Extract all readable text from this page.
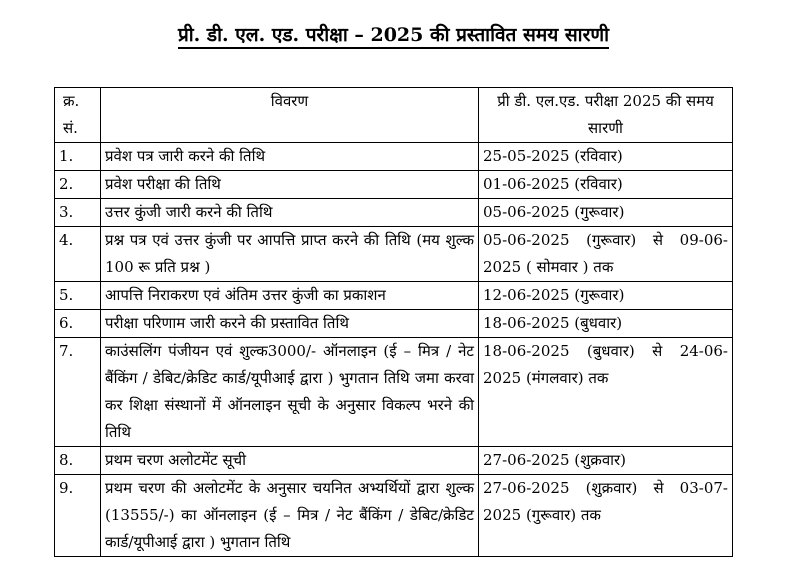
प्री. डी. एल. एड. परीक्षा – 2025 की प्रस्तावित समय सारणी
क्र. सं.	विवरण	प्री डी. एल.एड. परीक्षा 2025 की समय सारणी
1.	प्रवेश पत्र जारी करने की तिथि	25-05-2025 (रविवार)
2.	प्रवेश परीक्षा की तिथि	01-06-2025 (रविवार)
3.	उत्तर कुंजी जारी करने की तिथि	05-06-2025 (गुरूवार)
4.	प्रश्न पत्र एवं उत्तर कुंजी पर आपत्ति प्राप्त करने की तिथि (मय शुल्क 100 रू प्रति प्रश्न )	05-06-2025 (गुरूवार) से 09-06-2025 ( सोमवार ) तक
5.	आपत्ति निराकरण एवं अंतिम उत्तर कुंजी का प्रकाशन	12-06-2025 (गुरूवार)
6.	परीक्षा परिणाम जारी करने की प्रस्तावित तिथि	18-06-2025 (बुधवार)
7.	काउंसलिंग पंजीयन एवं शुल्क3000/- ऑनलाइन (ई – मित्र / नेट बैंकिंग / डेबिट/क्रेडिट कार्ड/यूपीआई द्वारा ) भुगतान तिथि जमा करवा कर शिक्षा संस्थानों में ऑनलाइन सूची के अनुसार विकल्प भरने की तिथि	18-06-2025 (बुधवार) से 24-06-2025 (मंगलवार) तक
8.	प्रथम चरण अलोटमेंट सूची	27-06-2025 (शुक्रवार)
9.	प्रथम चरण की अलोटमेंट के अनुसार चयनित अभ्यर्थियों द्वारा शुल्क (13555/-) का ऑनलाइन (ई – मित्र / नेट बैंकिंग / डेबिट/क्रेडिट कार्ड/यूपीआई द्वारा ) भुगतान तिथि	27-06-2025 (शुक्रवार) से 03-07-2025 (गुरूवार) तक
